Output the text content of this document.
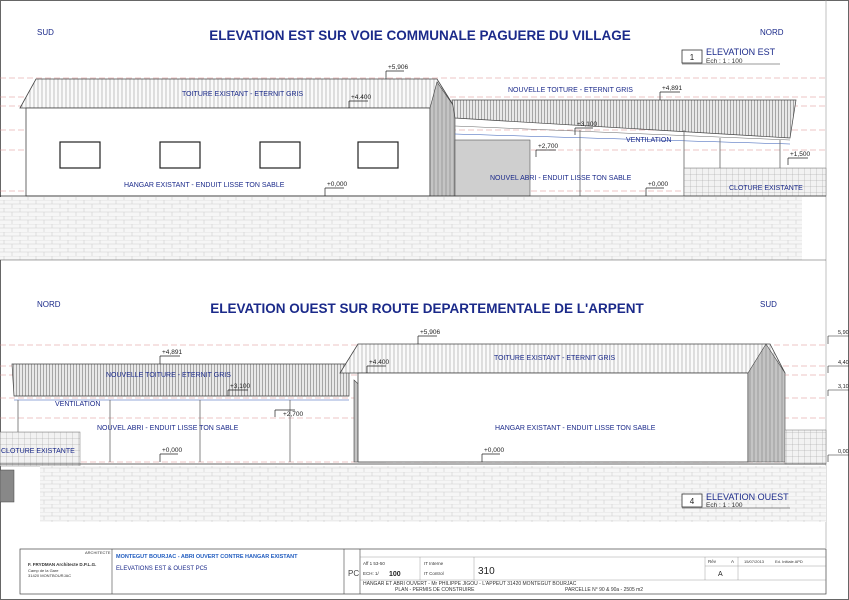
SUD	NORD
ELEVATION EST SUR VOIE COMMUNALE PAGUERE DU VILLAGE
1
ELEVATION EST
Ech : 1 : 100
TOITURE EXISTANT - ETERNIT GRIS
NOUVELLE TOITURE - ETERNIT GRIS
VENTILATION
HANGAR EXISTANT - ENDUIT LISSE TON SABLE
NOUVEL ABRI - ENDUIT LISSE TON SABLE
CLOTURE EXISTANTE
+5,906
+4.400
+4,891
+3,100
+2,700
+1,500
+0,000	+0,000
NORD	SUD
ELEVATION OUEST SUR ROUTE DEPARTEMENTALE DE L'ARPENT
NOUVELLE TOITURE - ETERNIT GRIS
TOITURE EXISTANT - ETERNIT GRIS
VENTILATION
NOUVEL ABRI - ENDUIT LISSE TON SABLE	HANGAR EXISTANT - ENDUIT LISSE TON SABLE
CLOTURE EXISTANTE
+5,906
+4,891
+4.400
+3,100
+2,700
+0,000	+0,000
4 ELEVATION OUEST
Ech : 1 : 100
5,90
4,40
3,10
0,00
ARCHITECTE
F. FRYDMAN Architecte D.P.L.G.
Camp de la Gare
31420 MONTBOURJAC
MONTEGUT BOURJAC - ABRI OUVERT CONTRE HANGAR EXISTANT
ELEVATIONS EST & OUEST PC5	PC
Aff 1 53-50
ECH: 1/ 100
IT Interne
IT Control	310
Rév	A 15/07/2013	Ed. Initiale APD
A
HANGAR ET ABRI OUVERT - Mr PHILIPPE JIGOU - L'APPEUT 31420 MONTEGUT BOURJAC
PLAN - PERMIS DE CONSTRUIRE	PARCELLE N° 90 & 90a - 2505 m2
